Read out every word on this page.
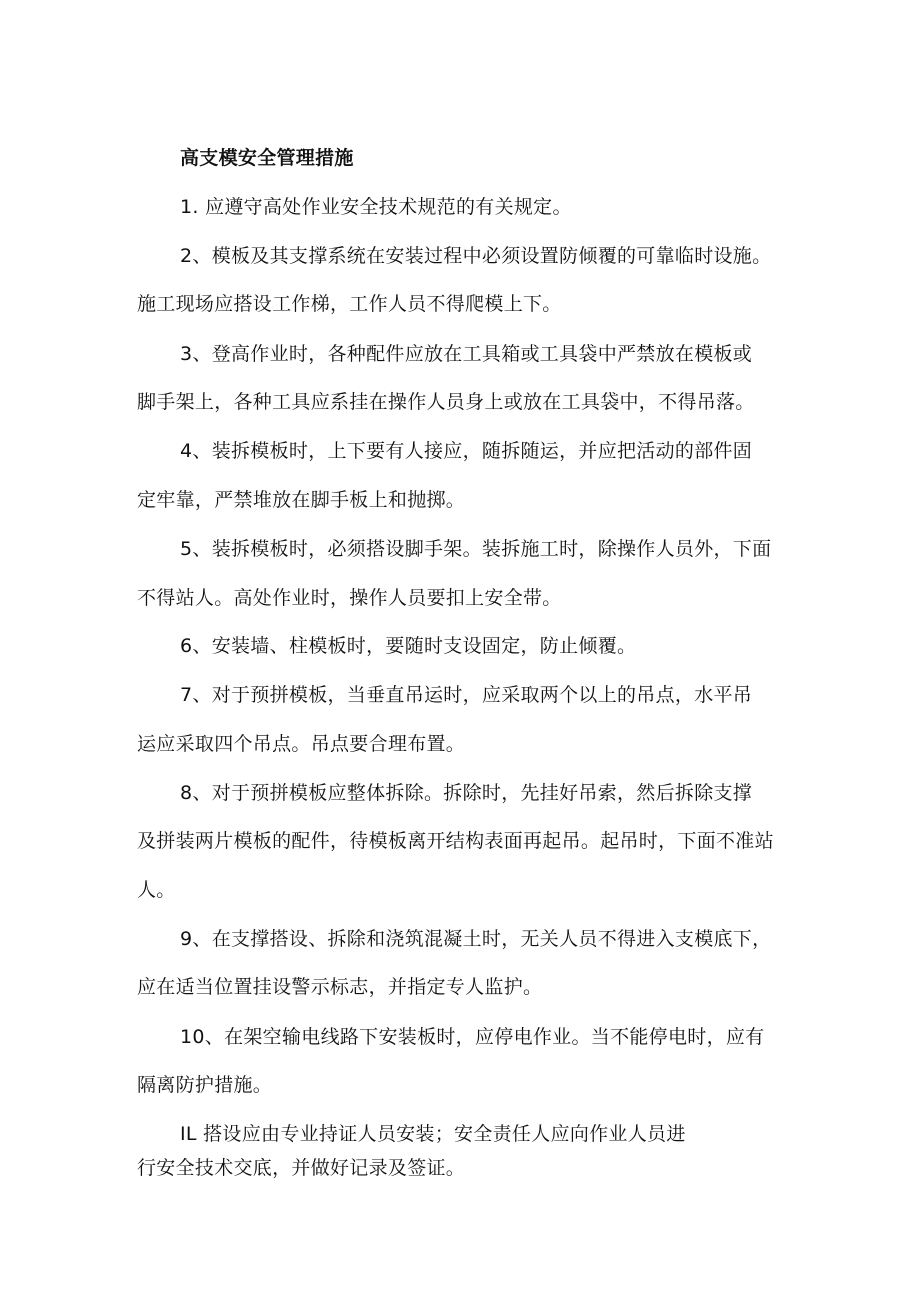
高支模安全管理措施
1. 应遵守高处作业安全技术规范的有关规定。
2、模板及其支撑系统在安装过程中必须设置防倾覆的可靠临时设施。
施工现场应搭设工作梯，工作人员不得爬模上下。
3、登高作业时，各种配件应放在工具箱或工具袋中严禁放在模板或
脚手架上，各种工具应系挂在操作人员身上或放在工具袋中，不得吊落。
4、装拆模板时，上下要有人接应，随拆随运，并应把活动的部件固
定牢靠，严禁堆放在脚手板上和抛掷。
5、装拆模板时，必须搭设脚手架。装拆施工时，除操作人员外，下面
不得站人。高处作业时，操作人员要扣上安全带。
6、安装墙、柱模板时，要随时支设固定，防止倾覆。
7、对于预拼模板，当垂直吊运时，应采取两个以上的吊点，水平吊
运应采取四个吊点。吊点要合理布置。
8、对于预拼模板应整体拆除。拆除时，先挂好吊索，然后拆除支撑
及拼装两片模板的配件，待模板离开结构表面再起吊。起吊时，下面不准站
人。
9、在支撑搭设、拆除和浇筑混凝土时，无关人员不得进入支模底下，
应在适当位置挂设警示标志，并指定专人监护。
10、在架空输电线路下安装板时，应停电作业。当不能停电时，应有
隔离防护措施。
IL 搭设应由专业持证人员安装；安全责任人应向作业人员进
行安全技术交底，并做好记录及签证。
